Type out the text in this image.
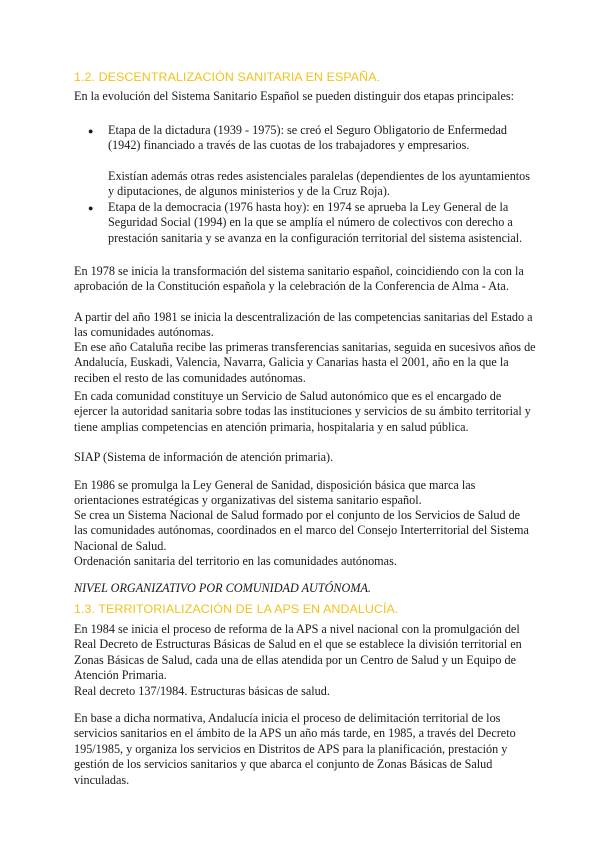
1.2. DESCENTRALIZACIÓN SANITARIA EN ESPAÑA.

En la evolución del Sistema Sanitario Español se pueden distinguir dos etapas principales:

● Etapa de la dictadura (1939 - 1975): se creó el Seguro Obligatorio de Enfermedad (1942) financiado a través de las cuotas de los trabajadores y empresarios.

Existían además otras redes asistenciales paralelas (dependientes de los ayuntamientos y diputaciones, de algunos ministerios y de la Cruz Roja).

● Etapa de la democracia (1976 hasta hoy): en 1974 se aprueba la Ley General de la Seguridad Social (1994) en la que se amplía el número de colectivos con derecho a prestación sanitaria y se avanza en la configuración territorial del sistema asistencial.

En 1978 se inicia la transformación del sistema sanitario español, coincidiendo con la con la aprobación de la Constitución española y la celebración de la Conferencia de Alma - Ata.

A partir del año 1981 se inicia la descentralización de las competencias sanitarias del Estado a las comunidades autónomas.

En ese año Cataluña recibe las primeras transferencias sanitarias, seguida en sucesivos años de Andalucía, Euskadi, Valencia, Navarra, Galicia y Canarias hasta el 2001, año en la que la reciben el resto de las comunidades autónomas.

En cada comunidad constituye un Servicio de Salud autonómico que es el encargado de ejercer la autoridad sanitaria sobre todas las instituciones y servicios de su ámbito territorial y tiene amplias competencias en atención primaria, hospitalaria y en salud pública.

SIAP (Sistema de información de atención primaria).

En 1986 se promulga la Ley General de Sanidad, disposición básica que marca las orientaciones estratégicas y organizativas del sistema sanitario español.

Se crea un Sistema Nacional de Salud formado por el conjunto de los Servicios de Salud de las comunidades autónomas, coordinados en el marco del Consejo Interterritorial del Sistema Nacional de Salud.

Ordenación sanitaria del territorio en las comunidades autónomas.

NIVEL ORGANIZATIVO POR COMUNIDAD AUTÓNOMA.

1.3. TERRITORIALIZACIÓN DE LA APS EN ANDALUCÍA.

En 1984 se inicia el proceso de reforma de la APS a nivel nacional con la promulgación del Real Decreto de Estructuras Básicas de Salud en el que se establece la división territorial en Zonas Básicas de Salud, cada una de ellas atendida por un Centro de Salud y un Equipo de Atención Primaria.

Real decreto 137/1984. Estructuras básicas de salud.

En base a dicha normativa, Andalucía inicia el proceso de delimitación territorial de los servicios sanitarios en el ámbito de la APS un año más tarde, en 1985, a través del Decreto 195/1985, y organiza los servicios en Distritos de APS para la planificación, prestación y gestión de los servicios sanitarios y que abarca el conjunto de Zonas Básicas de Salud vinculadas.
